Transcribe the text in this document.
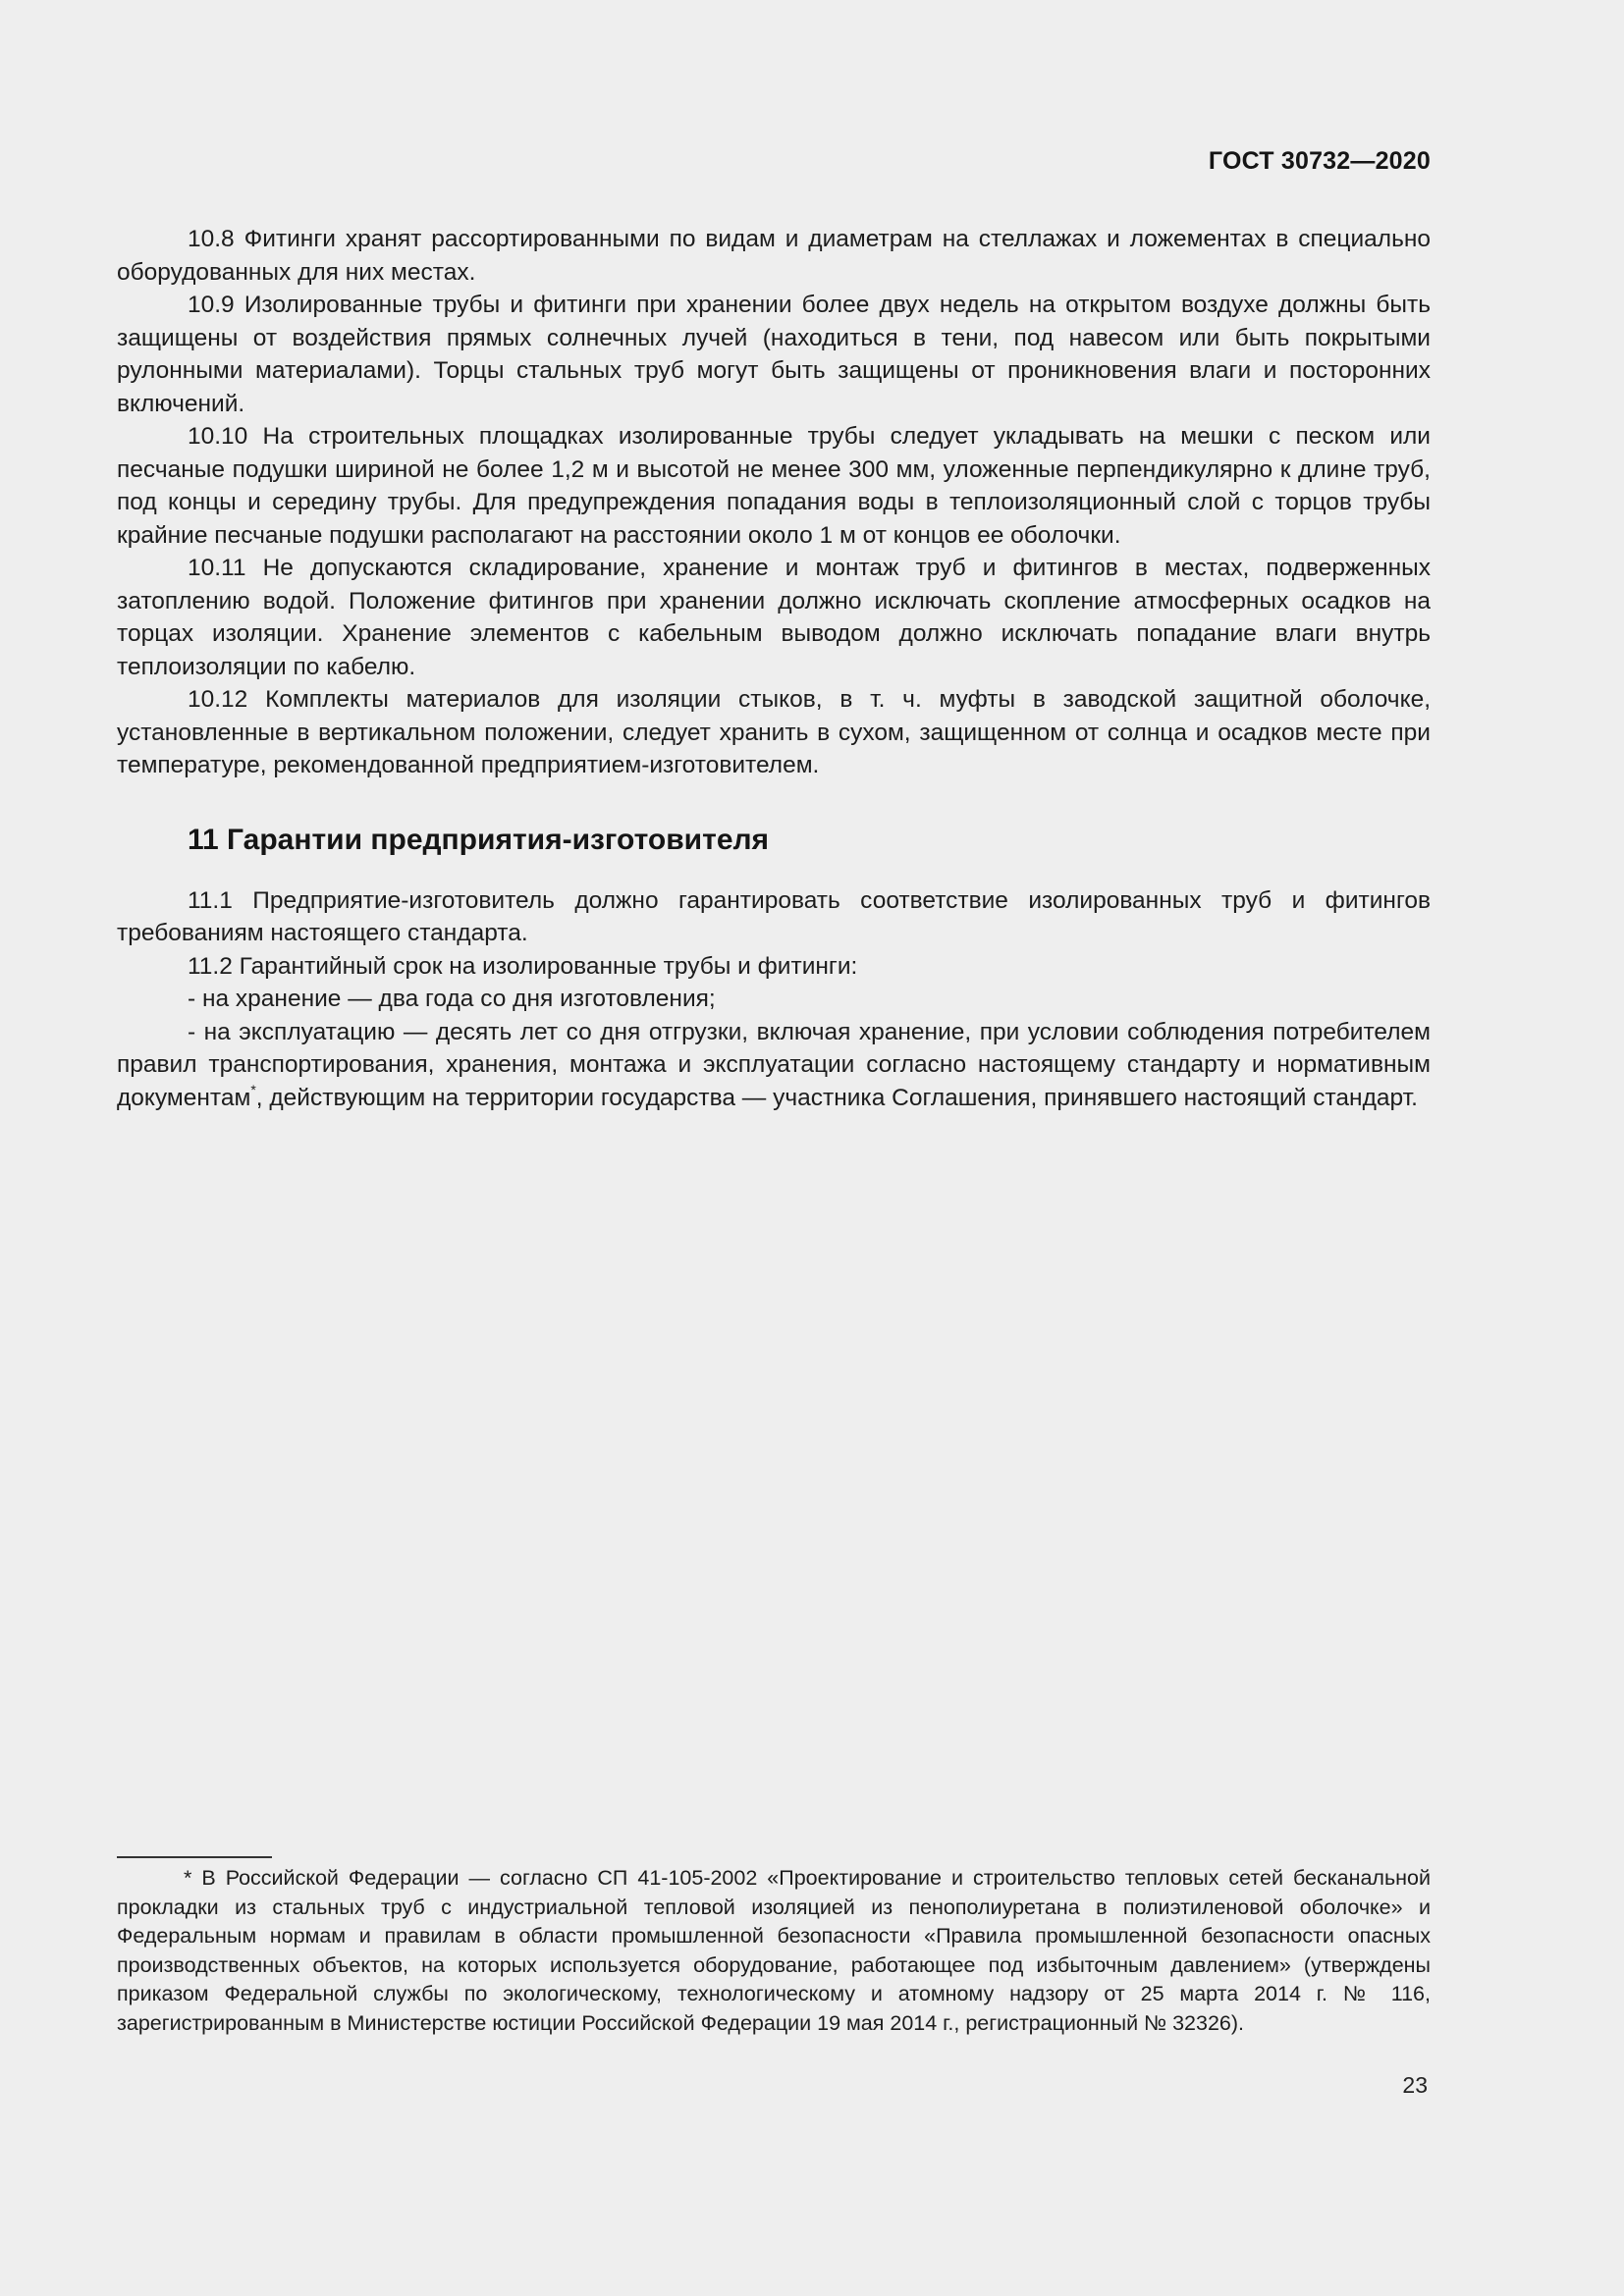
ГОСТ 30732—2020

10.8 Фитинги хранят рассортированными по видам и диаметрам на стеллажах и ложементах в специально оборудованных для них местах.

10.9 Изолированные трубы и фитинги при хранении более двух недель на открытом воздухе должны быть защищены от воздействия прямых солнечных лучей (находиться в тени, под навесом или быть покрытыми рулонными материалами). Торцы стальных труб могут быть защищены от проникновения влаги и посторонних включений.

10.10 На строительных площадках изолированные трубы следует укладывать на мешки с песком или песчаные подушки шириной не более 1,2 м и высотой не менее 300 мм, уложенные перпендикулярно к длине труб, под концы и середину трубы. Для предупреждения попадания воды в теплоизоляционный слой с торцов трубы крайние песчаные подушки располагают на расстоянии около 1 м от концов ее оболочки.

10.11 Не допускаются складирование, хранение и монтаж труб и фитингов в местах, подверженных затоплению водой. Положение фитингов при хранении должно исключать скопление атмосферных осадков на торцах изоляции. Хранение элементов с кабельным выводом должно исключать попадание влаги внутрь теплоизоляции по кабелю.

10.12 Комплекты материалов для изоляции стыков, в т. ч. муфты в заводской защитной оболочке, установленные в вертикальном положении, следует хранить в сухом, защищенном от солнца и осадков месте при температуре, рекомендованной предприятием-изготовителем.

11 Гарантии предприятия-изготовителя

11.1 Предприятие-изготовитель должно гарантировать соответствие изолированных труб и фитингов требованиям настоящего стандарта.

11.2 Гарантийный срок на изолированные трубы и фитинги:

- на хранение — два года со дня изготовления;

- на эксплуатацию — десять лет со дня отгрузки, включая хранение, при условии соблюдения потребителем правил транспортирования, хранения, монтажа и эксплуатации согласно настоящему стандарту и нормативным документам*, действующим на территории государства — участника Соглашения, принявшего настоящий стандарт.

* В Российской Федерации — согласно СП 41-105-2002 «Проектирование и строительство тепловых сетей бесканальной прокладки из стальных труб с индустриальной тепловой изоляцией из пенополиуретана в полиэтиленовой оболочке» и Федеральным нормам и правилам в области промышленной безопасности «Правила промышленной безопасности опасных производственных объектов, на которых используется оборудование, работающее под избыточным давлением» (утверждены приказом Федеральной службы по экологическому, технологическому и атомному надзору от 25 марта 2014 г. № 116, зарегистрированным в Министерстве юстиции Российской Федерации 19 мая 2014 г., регистрационный № 32326).

23
